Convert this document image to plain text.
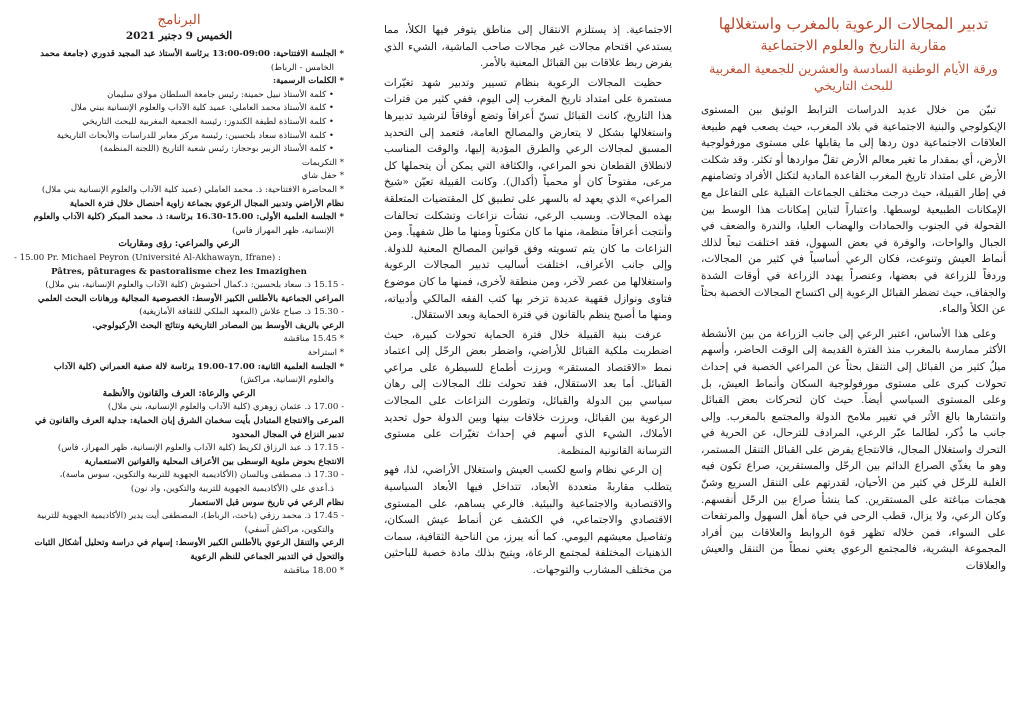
تدبير المجالات الرعوية بالمغرب واستغلالها
مقاربة التاريخ والعلوم الاجتماعية
ورقة الأيام الوطنية السادسة والعشرين للجمعية المغربية للبحث التاريخي

تبيّن من خلال عديد الدراسات الترابط الوثيق بين المستوى الإيكولوجي والبنية الاجتماعية في بلاد المغرب، حيث يصعب فهم طبيعة العلاقات الاجتماعية دون ردها إلى ما يقابلها على مستوى مورفولوجية الأرض، أي بمقدار ما تغير معالم الأرض تقلّ مواردها أو تكثر. وقد شكلت الأرض على امتداد تاريخ المغرب القاعدة المادية لتكتل الأفراد وتضامنهم في إطار القبيلة، حيث درجت مختلف الجماعات القبلية على التفاعل مع الإمكانات الطبيعية لوسطها. واعتباراً لتباين إمكانات هذا الوسط بين القحولة في الجنوب والحمادات والهضاب العليا، والندرة والضعف في الجبال والواحات، والوفرة في بعض السهول، فقد اختلفت تبعاً لذلك أنماط العيش وتنوعت، فكان الرعي أساسياً في كثير من المجالات، وردفاً للزراعة في بعضها، وعنصراً يهدد الزراعة في أوقات الشدة والجفاف، حيث تضطر القبائل الرعوية إلى اكتساح المجالات الخصبة بحثاً عن الكلأ والماء.

وعلى هذا الأساس، اعتبر الرعي إلى جانب الزراعة من بين الأنشطة الأكثر ممارسة بالمغرب منذ الفترة القديمة إلى الوقت الحاضر، وأسهم ميلُ كثير من القبائل إلى التنقل بحثاً عن المراعي الخصبة في إحداث تحولات كبرى على مستوى مورفولوجية السكان وأنماط العيش، بل وعلى المستوى السياسي أيضاً. حيث كان لتحركات بعض القبائل وانتشارها بالغ الأثر في تغيير ملامح الدولة والمجتمع بالمغرب. وإلى جانب ما ذُكر، لطالما عبّر الرعي، المرادف للترحال، عن الحرية في التحرك واستغلال المجال، فالانتجاع يفرض على القبائل التنقل المستمر، وهو ما يغذّي الصراع الدائم بين الرحّل والمستقرين، صراع تكون فيه الغلبة للرحّل في كثير من الأحيان، لقدرتهم على التنقل السريع وشنّ هجمات مباغتة على المستقرين. كما ينشأ صراع بين الرحّل أنفسهم. وكان الرعي، ولا يزال، قطب الرحى في حياة أهل السهول والمرتفعات على السواء، فمن خلاله تظهر قوة الروابط والعلاقات بين أفراد المجموعة البشرية، فالمجتمع الرعوي يعني نمطاً من التنقل والعيش والعلاقات

الاجتماعية. إذ يستلزم الانتقال إلى مناطق يتوفر فيها الكلأ، مما يستدعي اقتحام مجالات غير مجالات صاحب الماشية، الشيء الذي يفرض ربط علاقات بين القبائل المعنية بالأمر.

حظيت المجالات الرعوية بنظام تسيير وتدبير شهد تغيّرات مستمرة على امتداد تاريخ المغرب إلى اليوم، ففي كثير من فترات هذا التاريخ، كانت القبائل تسنّ أعرافاً وتضع أوفاقاً لترشيد تدبيرها واستغلالها بشكل لا يتعارض والمصالح العامة، فتعمد إلى التحديد المسبق لمجالات الرعي والطرق المؤدية إليها، والوقت المناسب لانطلاق القطعان نحو المراعي، والكثافة التي يمكن أن يتحملها كل مرعى، مفتوحاً كان أو محمياً (أكدال). وكانت القبيلة تعيّن «شيخ المراعي» الذي يعهد له بالسهر على تطبيق كل المقتضيات المتعلقة بهذه المجالات. وبسبب الرعي، نشأت نزاعات وتشكلت تحالفات وأنتجت أعرافاً منظمة، منها ما كان مكتوباً ومنها ما ظل شفهياً. ومن النزاعات ما كان يتم تسويته وفق قوانين المصالح المعنية للدولة. وإلى جانب الأعراف، اختلفت أساليب تدبير المجالات الرعوية واستغلالها من عصر لآخر، ومن منطقة لأخرى، فمنها ما كان موضوع فتاوى ونوازل فقهية عديدة تزخر بها كتب الفقه المالكي وأدبياته، ومنها ما أصبح ينظم بالقانون في فترة الحماية وبعد الاستقلال.

عرفت بنية القبيلة خلال فترة الحماية تحولات كبيرة، حيث اضطربت ملكية القبائل للأراضي، واضطر بعض الرحّل إلى اعتماد نمط «الاقتصاد المستقر» وبرزت أطماع للسيطرة على مراعي القبائل. أما بعد الاستقلال، فقد تحولت تلك المجالات إلى رهان سياسي بين الدولة والقبائل، وتطورت النزاعات على المجالات الرعوية بين القبائل، وبرزت خلافات بينها وبين الدولة حول تحديد الأملاك، الشيء الذي أسهم في إحداث تغيّرات على مستوى الترسانة القانونية المنظمة.

إن الرعي نظام واسع لكسب العيش واستغلال الأراضي، لذا، فهو يتطلب مقاربةً متعددة الأبعاد، تتداخل فيها الأبعاد السياسية والاقتصادية والاجتماعية والبيئية. فالرعي يساهم، على المستوى الاقتصادي والاجتماعي، في الكشف عن أنماط عيش السكان، وتفاصيل معيشهم اليومي. كما أنه يبرز، من الناحية الثقافية، سمات الذهنيات المختلفة لمجتمع الرعاة، ويتيح بذلك مادة خصبة للباحثين من مختلف المشارب والتوجهات.

البرنامج
الخميس 9 دجنبر 2021

* الجلسة الافتتاحية: 09:00-13:00 برئاسة الأستاذ عبد المجيد قدوري (جامعة محمد

الخامس - الرباط)

* الكلمات الرسمية:

• كلمة الأستاذ نبيل حمينة: رئيس جامعة السلطان مولاي سليمان

• كلمة الأستاذ محمد العاملي: عميد كلية الآداب والعلوم الإنسانية ببني ملال

• كلمة الأستاذة لطيفة الكندوز: رئيسة الجمعية المغربية للبحث التاريخي

• كلمة الأستاذة سعاد بلحسين: رئيسة مركز معابر للدراسات والأبحاث التاريخية

• كلمة الأستاذ الزبير بوحجار: رئيس شعبة التاريخ (اللجنة المنظمة)

* التكريمات

* حفل شاي

* المحاضرة الافتتاحية: ذ. محمد العاملي (عميد كلية الآداب والعلوم الإنسانية بني ملال)

نظام الأراضي وتدبير المجال الرعوي بجماعة زاوية أحنصال خلال فترة الحماية

* الجلسة العلمية الأولى: 15.00-16.30 برئاسة: ذ. محمد المبكر (كلية الآداب والعلوم

الإنسانية، ظهر المهراز فاس)

الرعي والمراعي: رؤى ومقاربات

- 15.00 Pr. Michael Peyron (Université Al-Akhawayn, Ifrane) :

Pâtres, pâturages & pastoralisme chez les Imazighen

- 15.15 ذ. سعاد بلحسين: ذ.كمال أحشوش (كلية الآداب والعلوم الإنسانية، بني ملال)

المراعي الجماعية بالأطلس الكبير الأوسط: الخصوصية المجالية ورهانات البحث العلمي

- 15.30 ذ. صباح علاش (المعهد الملكي للثقافة الأمازيغية)

الرعي بالريف الأوسط بين المصادر التاريخية ونتائج البحث الأركيولوجي.

* 15.45 مناقشة

* استراحة

* الجلسة العلمية الثانية: 17.00-19.00 برئاسة لالة صفية العمراني (كلية الآداب

والعلوم الإنسانية، مراكش)

الرعي والرعاة: العرف والقانون والأنظمة

- 17.00 ذ. عثمان زوهري (كلية الآداب والعلوم الإنسانية، بني ملال)

المرعى والانتجاع المتبادل بأيت سخمان الشرق إبان الحماية: جدلية العرف والقانون في

تدبير النزاع في المجال المحدود

- 17.15 ذ. عبد الرزاق لكريط (كلية الآداب والعلوم الإنسانية، ظهر المهراز، فاس)

الانتجاع بحوض ملوية الوسطى بين الأعراف المحلية والقوانين الاستعمارية

- 17.30 ذ. مصطفى وبالسان (الأكاديمية الجهوية للتربية والتكوين، سوس ماسة)،

ذ.أعدي علي (الأكاديمية الجهوية للتربية والتكوين، واد نون)

نظام الرعي في تاريخ سوس قبل الاستعمار

- 17.45 ذ. محمد رزقي (باحث، الرباط)، المصطفى أيت يدير (الأكاديمية الجهوية للتربية

والتكوين، مراكش آسفي)

الرعي والتنقل الرعوي بالأطلس الكبير الأوسط: إسهام في دراسة وتحليل أشكال الثبات

والتحول في التدبير الجماعي للنظم الرعوية

* 18.00 مناقشة
